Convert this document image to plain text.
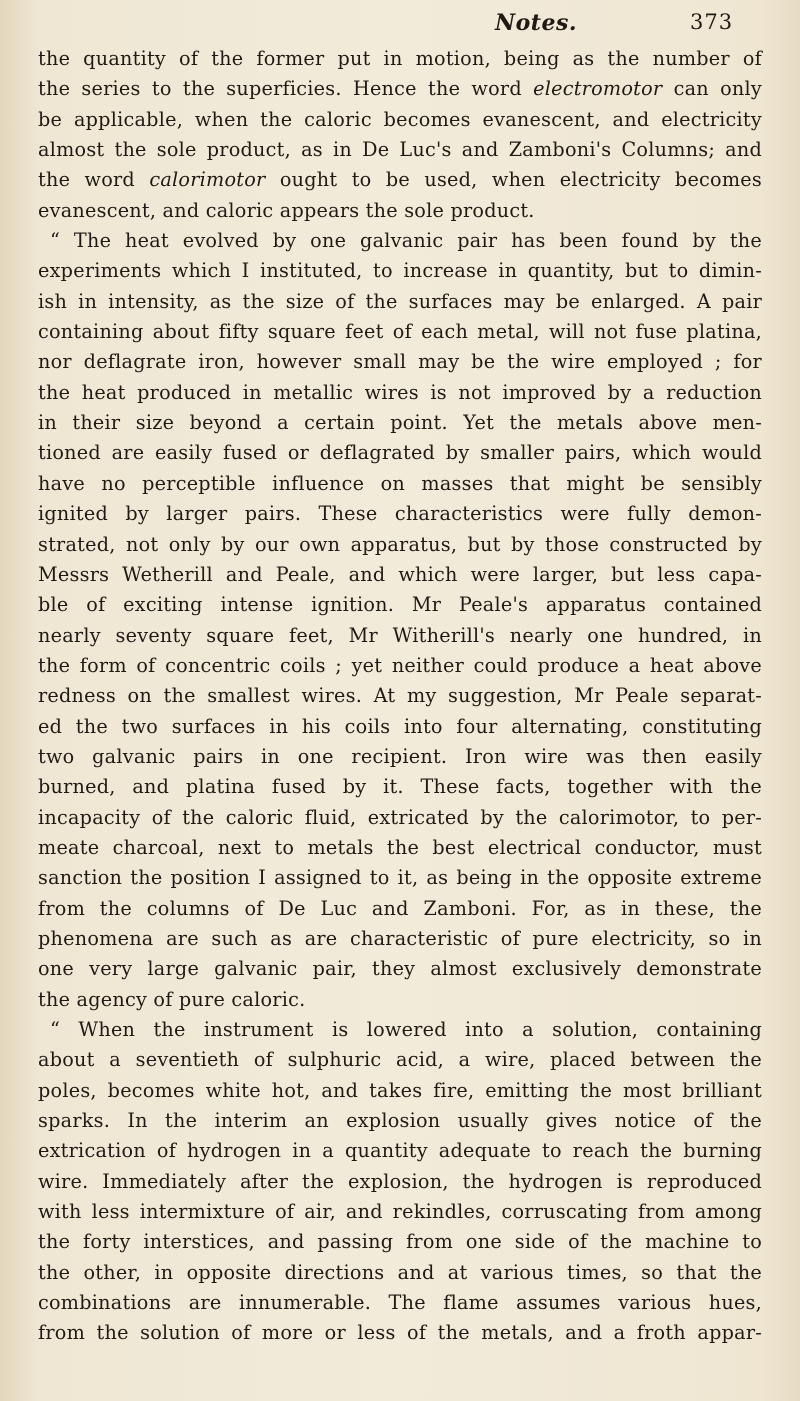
Notes.	373
the quantity of the former put in motion, being as the number of
the series to the superficies. Hence the word electromotor can only
be applicable, when the caloric becomes evanescent, and electricity
almost the sole product, as in De Luc's and Zamboni's Columns; and
the word calorimotor ought to be used, when electricity becomes
evanescent, and caloric appears the sole product.
“ The heat evolved by one galvanic pair has been found by the
experiments which I instituted, to increase in quantity, but to dimin-
ish in intensity, as the size of the surfaces may be enlarged. A pair
containing about fifty square feet of each metal, will not fuse platina,
nor deflagrate iron, however small may be the wire employed ; for
the heat produced in metallic wires is not improved by a reduction
in their size beyond a certain point. Yet the metals above men-
tioned are easily fused or deflagrated by smaller pairs, which would
have no perceptible influence on masses that might be sensibly
ignited by larger pairs. These characteristics were fully demon-
strated, not only by our own apparatus, but by those constructed by
Messrs Wetherill and Peale, and which were larger, but less capa-
ble of exciting intense ignition. Mr Peale's apparatus contained
nearly seventy square feet, Mr Witherill's nearly one hundred, in
the form of concentric coils ; yet neither could produce a heat above
redness on the smallest wires. At my suggestion, Mr Peale separat-
ed the two surfaces in his coils into four alternating, constituting
two galvanic pairs in one recipient. Iron wire was then easily
burned, and platina fused by it. These facts, together with the
incapacity of the caloric fluid, extricated by the calorimotor, to per-
meate charcoal, next to metals the best electrical conductor, must
sanction the position I assigned to it, as being in the opposite extreme
from the columns of De Luc and Zamboni. For, as in these, the
phenomena are such as are characteristic of pure electricity, so in
one very large galvanic pair, they almost exclusively demonstrate
the agency of pure caloric.
“ When the instrument is lowered into a solution, containing
about a seventieth of sulphuric acid, a wire, placed between the
poles, becomes white hot, and takes fire, emitting the most brilliant
sparks. In the interim an explosion usually gives notice of the
extrication of hydrogen in a quantity adequate to reach the burning
wire. Immediately after the explosion, the hydrogen is reproduced
with less intermixture of air, and rekindles, corruscating from among
the forty interstices, and passing from one side of the machine to
the other, in opposite directions and at various times, so that the
combinations are innumerable. The flame assumes various hues,
from the solution of more or less of the metals, and a froth appar-
